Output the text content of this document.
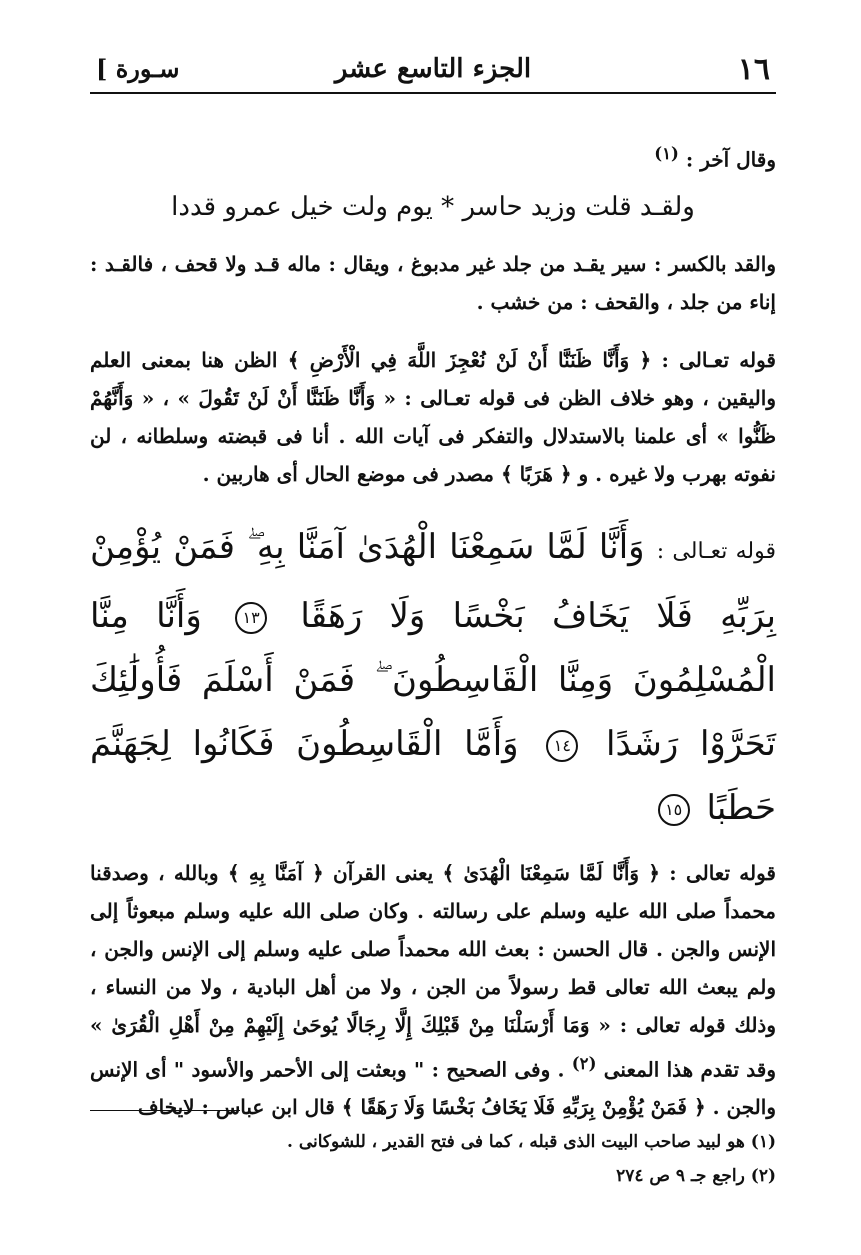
١٦
الجزء التاسع عشر
[ سـورة
وقال آخر : $^{(١)}$
ولقـد قلت وزيد حاسر * يوم ولت خيل عمرو قددا

والقد بالكسر : سير يقـد من جلد غير مدبوغ ، ويقال : ماله قـد ولا قحف ، فالقـد : إناء من جلد ، والقحف : من خشب .

قوله تعـالى : ﴿ وَأَنَّا ظَنَنَّا أَنْ لَنْ نُعْجِزَ اللَّهَ فِي الْأَرْضِ ﴾ الظن هنا بمعنى العلم واليقين ، وهو خلاف الظن فى قوله تعـالى : « وَأَنَّا ظَنَنَّا أَنْ لَنْ تَقُولَ » ، « وَأَنَّهُمْ ظَنُّوا » أى علمنا بالاستدلال والتفكر فى آيات الله . أنا فى قبضته وسلطانه ، لن نفوته بهرب ولا غيره . و ﴿ هَرَبًا ﴾ مصدر فى موضع الحال أى هاربين .

قوله تعـالى : وَأَنَّا لَمَّا سَمِعْنَا الْهُدَىٰ آمَنَّا بِهِ ۖ فَمَنْ يُؤْمِنْ بِرَبِّهِ فَلَا يَخَافُ بَخْسًا وَلَا رَهَقًا ١٣ وَأَنَّا مِنَّا الْمُسْلِمُونَ وَمِنَّا الْقَاسِطُونَ ۖ فَمَنْ أَسْلَمَ فَأُولَٰئِكَ تَحَرَّوْا رَشَدًا ١٤ وَأَمَّا الْقَاسِطُونَ فَكَانُوا لِجَهَنَّمَ حَطَبًا ١٥

قوله تعالى : ﴿ وَأَنَّا لَمَّا سَمِعْنَا الْهُدَىٰ ﴾ يعنى القرآن ﴿ آمَنَّا بِهِ ﴾ وبالله ، وصدقنا محمداً صلى الله عليه وسلم على رسالته . وكان صلى الله عليه وسلم مبعوثاً إلى الإنس والجن . قال الحسن : بعث الله محمداً صلى عليه وسلم إلى الإنس والجن ، ولم يبعث الله تعالى قط رسولاً من الجن ، ولا من أهل البادية ، ولا من النساء ، وذلك قوله تعالى : « وَمَا أَرْسَلْنَا مِنْ قَبْلِكَ إِلَّا رِجَالًا يُوحَىٰ إِلَيْهِمْ مِنْ أَهْلِ الْقُرَىٰ » وقد تقدم هذا المعنى $^{(٢)}$ . وفى الصحيح : " وبعثت إلى الأحمر والأسود " أى الإنس والجن . ﴿ فَمَنْ يُؤْمِنْ بِرَبِّهِ فَلَا يَخَافُ بَخْسًا وَلَا رَهَقًا ﴾ قال ابن عباس : لايخاف

(١) هو لبيد صاحب البيت الذى قبله ، كما فى فتح القدير ، للشوكانى .
(٢) راجع جـ ٩ ص ٢٧٤
